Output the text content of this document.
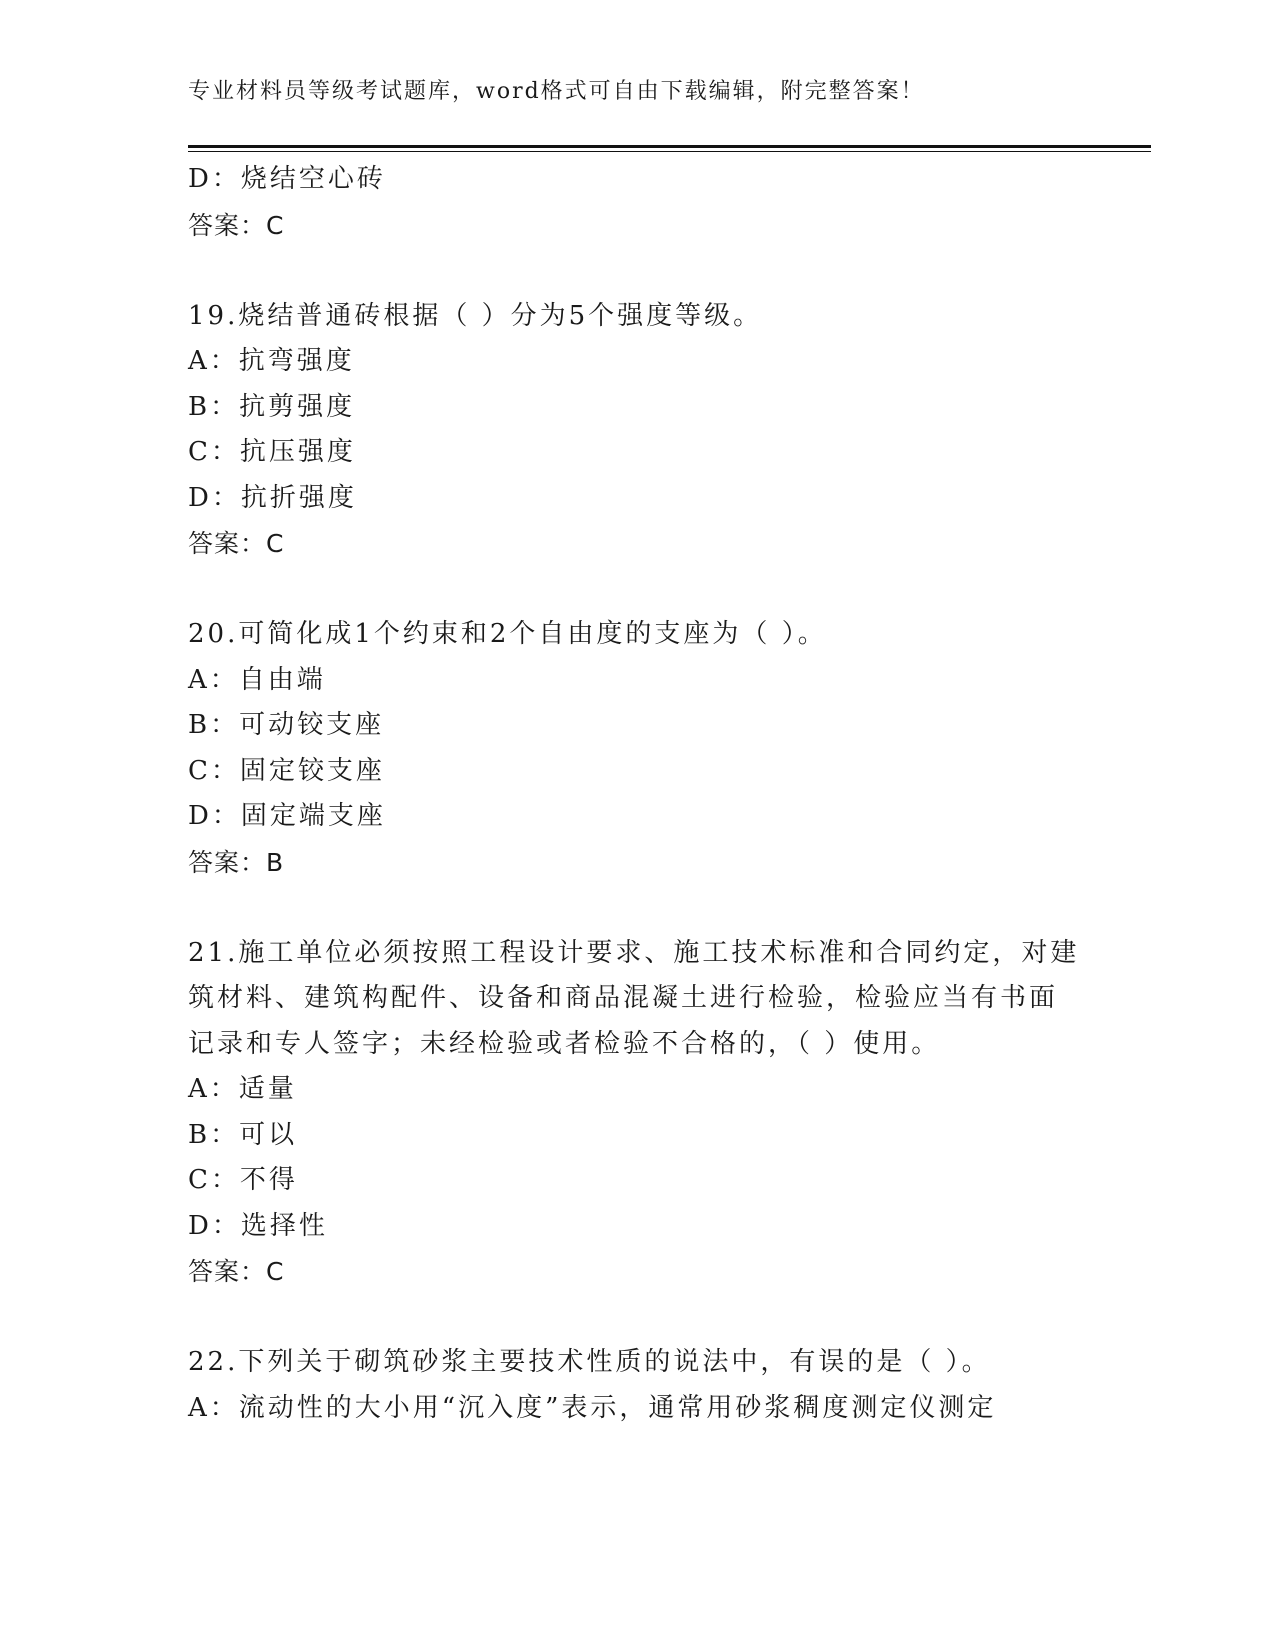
专业材料员等级考试题库，word格式可自由下载编辑，附完整答案！
D：烧结空心砖
答案：C
19.烧结普通砖根据（ ）分为5个强度等级。
A：抗弯强度
B：抗剪强度
C：抗压强度
D：抗折强度
答案：C
20.可简化成1个约束和2个自由度的支座为（ ）。
A：自由端
B：可动铰支座
C：固定铰支座
D：固定端支座
答案：B
21.施工单位必须按照工程设计要求、施工技术标准和合同约定，对建
筑材料、建筑构配件、设备和商品混凝土进行检验，检验应当有书面
记录和专人签字；未经检验或者检验不合格的，（ ）使用。
A：适量
B：可以
C：不得
D：选择性
答案：C
22.下列关于砌筑砂浆主要技术性质的说法中，有误的是（ ）。
A：流动性的大小用“沉入度”表示，通常用砂浆稠度测定仪测定
